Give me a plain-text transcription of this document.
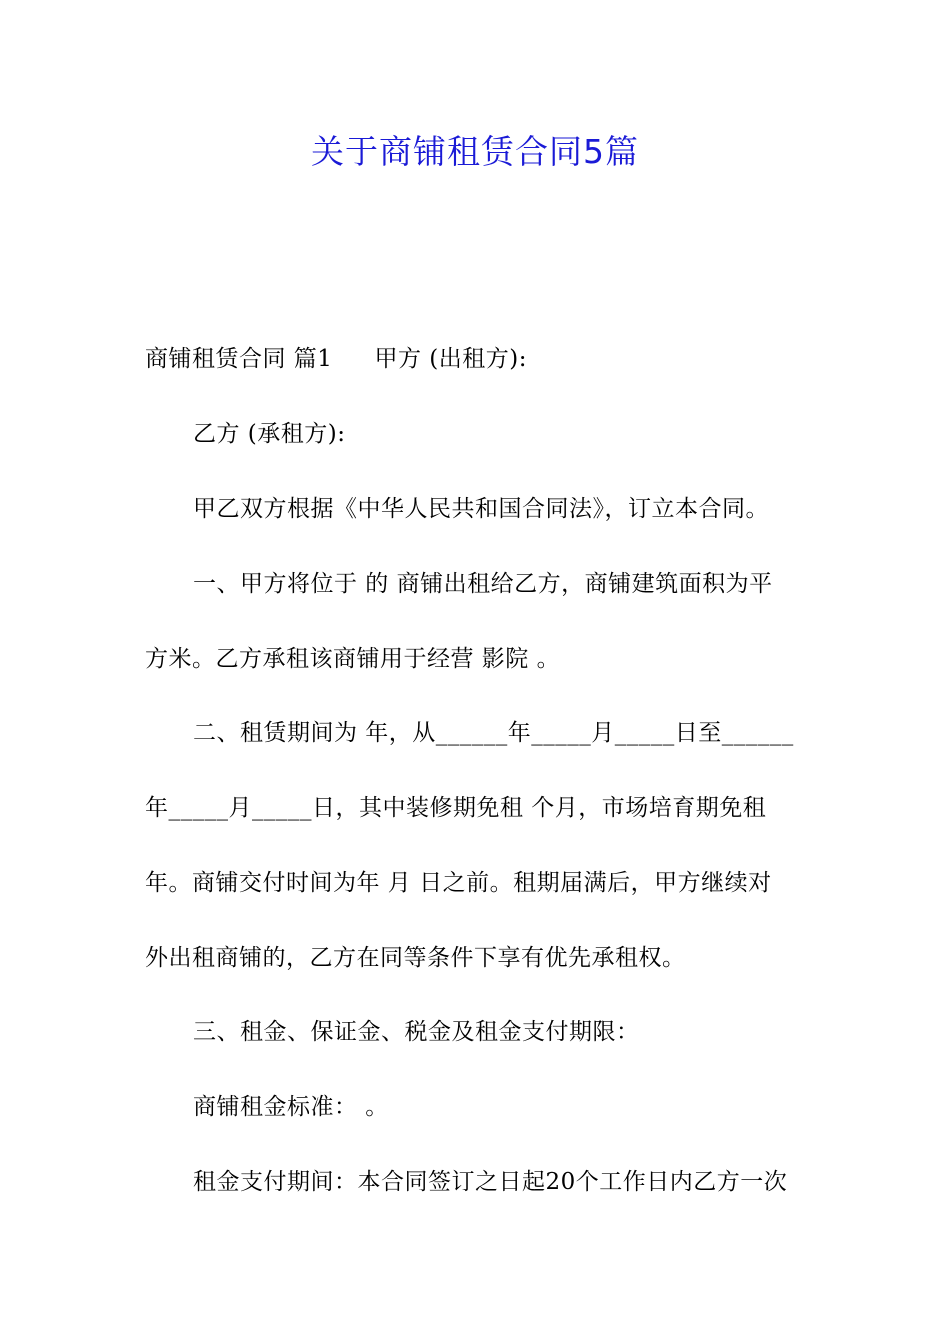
关于商铺租赁合同5篇
商铺租赁合同 篇1 甲方 (出租方):
乙方 (承租方):
甲乙双方根据《中华人民共和国合同法》，订立本合同。
一、甲方将位于 的 商铺出租给乙方，商铺建筑面积为平
方米。乙方承租该商铺用于经营 影院 。
二、租赁期间为 年，从______年_____月_____日至______
年_____月_____日，其中装修期免租 个月，市场培育期免租
年。商铺交付时间为年 月 日之前。租期届满后，甲方继续对
外出租商铺的，乙方在同等条件下享有优先承租权。
三、租金、保证金、税金及租金支付期限：
商铺租金标准： 。
租金支付期间：本合同签订之日起20个工作日内乙方一次
